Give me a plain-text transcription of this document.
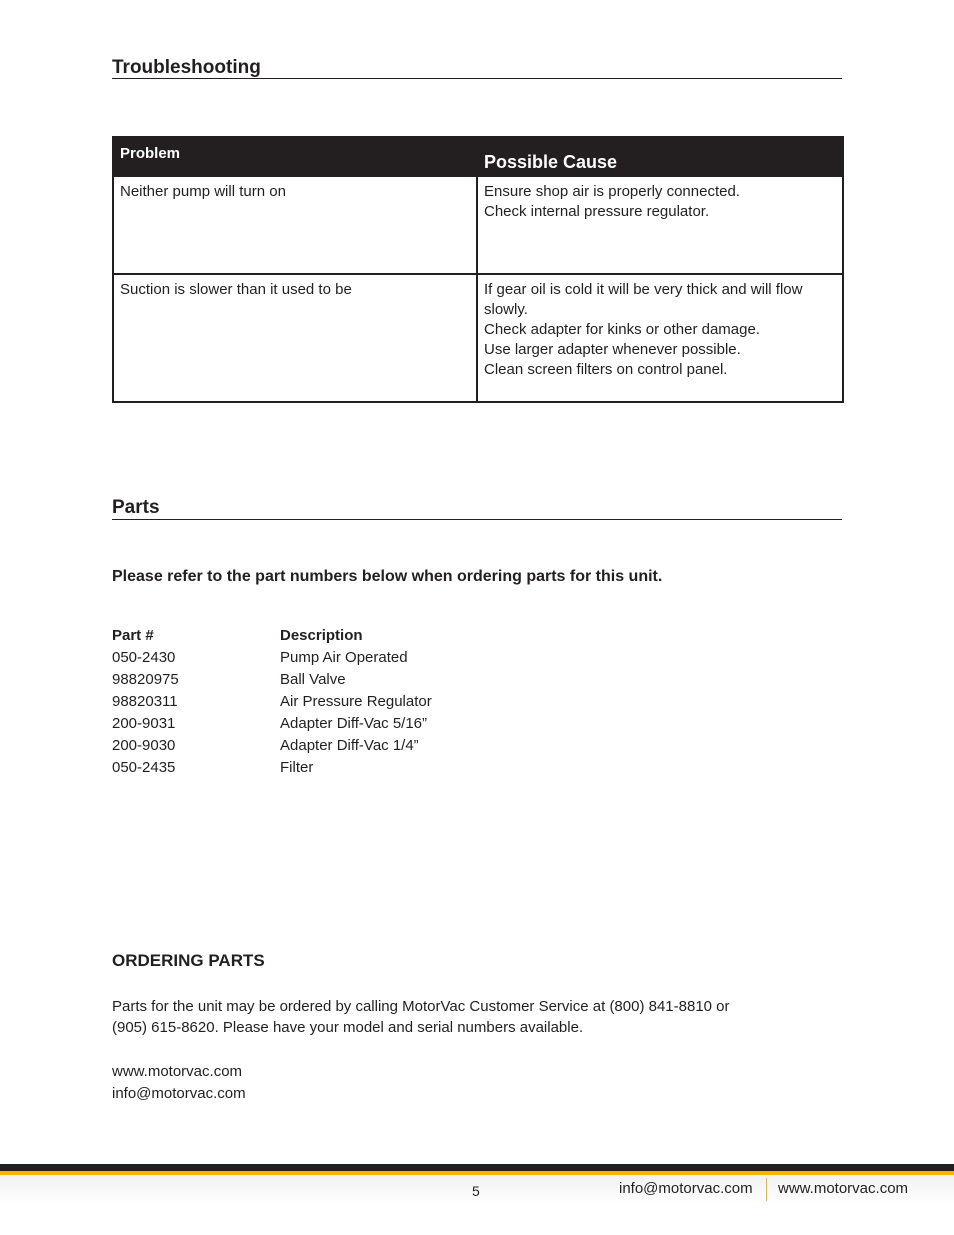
Troubleshooting
Problem	Possible Cause
Neither pump will turn on	Ensure shop air is properly connected.
Check internal pressure regulator.

Suction is slower than it used to be	If gear oil is cold it will be very thick and will flow slowly.
Check adapter for kinks or other damage.
Use larger adapter whenever possible.
Clean screen filters on control panel.
Parts
Please refer to the part numbers below when ordering parts for this unit.
Part #	Description
050-2430	Pump Air Operated
98820975	Ball Valve
98820311	Air Pressure Regulator
200-9031	Adapter Diff-Vac 5/16”
200-9030	Adapter Diff-Vac 1/4”
050-2435	Filter
ORDERING PARTS
Parts for the unit may be ordered by calling MotorVac Customer Service at (800) 841-8810 or (905) 615-8620. Please have your model and serial numbers available.
www.motorvac.com
info@motorvac.com
5	info@motorvac.com www.motorvac.com
